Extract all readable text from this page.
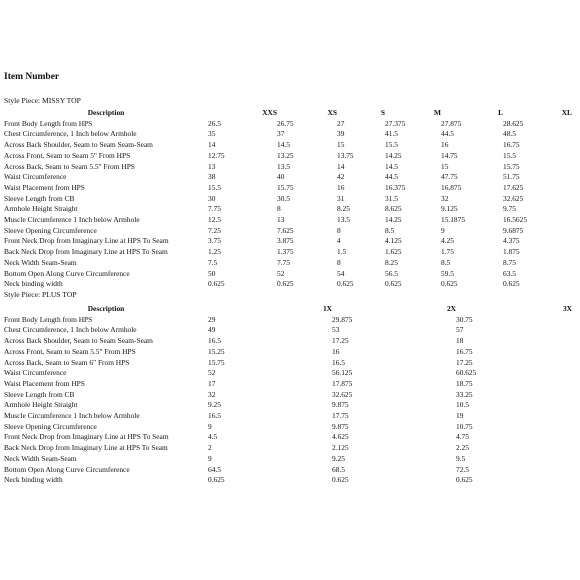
Item Number
Style Piece: MISSY TOP
Description	XXS	XS	S	M	L	XL
Front Body Length from HPS	26.5	26.75	27	27.375	27.875	28.625
Chest Circumference, 1 Inch below Armhole	35	37	39	41.5	44.5	48.5
Across Back Shoulder, Seam to Seam Seam-Seam	14	14.5	15	15.5	16	16.75
Across Front, Seam to Seam 5" From HPS	12.75	13.25	13.75	14.25	14.75	15.5
Across Back, Seam to Seam 5.5" From HPS	13	13.5	14	14.5	15	15.75
Waist Circumference	38	40	42	44.5	47.75	51.75
Waist Placement from HPS	15.5	15.75	16	16.375	16.875	17.625
Sleeve Length from CB	30	30.5	31	31.5	32	32.625
Armhole Height Straight	7.75	8	8.25	8.625	9.125	9.75
Muscle Circumference 1 Inch below Armhole	12.5	13	13.5	14.25	15.1875	16.5625
Sleeve Opening Circumference	7.25	7.625	8	8.5	9	9.6875
Front Neck Drop from Imaginary Line at HPS To Seam	3.75	3.875	4	4.125	4.25	4.375
Back Neck Drop from Imaginary Line at HPS To Seam	1.25	1.375	1.5	1.625	1.75	1.875
Neck Width Seam-Seam	7.5	7.75	8	8.25	8.5	8.75
Bottom Open Along Curve Circumference	50	52	54	56.5	59.5	63.5
Neck binding width	0.625	0.625	0.625	0.625	0.625	0.625
Style Piece: PLUS TOP
Description	1X	2X	3X
Front Body Length from HPS	29	29.875	30.75
Chest Circumference, 1 Inch below Armhole	49	53	57
Across Back Shoulder, Seam to Seam Seam-Seam	16.5	17.25	18
Across Front, Seam to Seam 5.5" From HPS	15.25	16	16.75
Across Back, Seam to Seam 6" From HPS	15.75	16.5	17.25
Waist Circumference	52	56.125	60.625
Waist Placement from HPS	17	17.875	18.75
Sleeve Length from CB	32	32.625	33.25
Armhole Height Straight	9.25	9.875	10.5
Muscle Circumference 1 Inch below Armhole	16.5	17.75	19
Sleeve Opening Circumference	9	9.875	10.75
Front Neck Drop from Imaginary Line at HPS To Seam	4.5	4.625	4.75
Back Neck Drop from Imaginary Line at HPS To Seam	2	2.125	2.25
Neck Width Seam-Seam	9	9.25	9.5
Bottom Open Along Curve Circumference	64.5	68.5	72.5
Neck binding width	0.625	0.625	0.625
